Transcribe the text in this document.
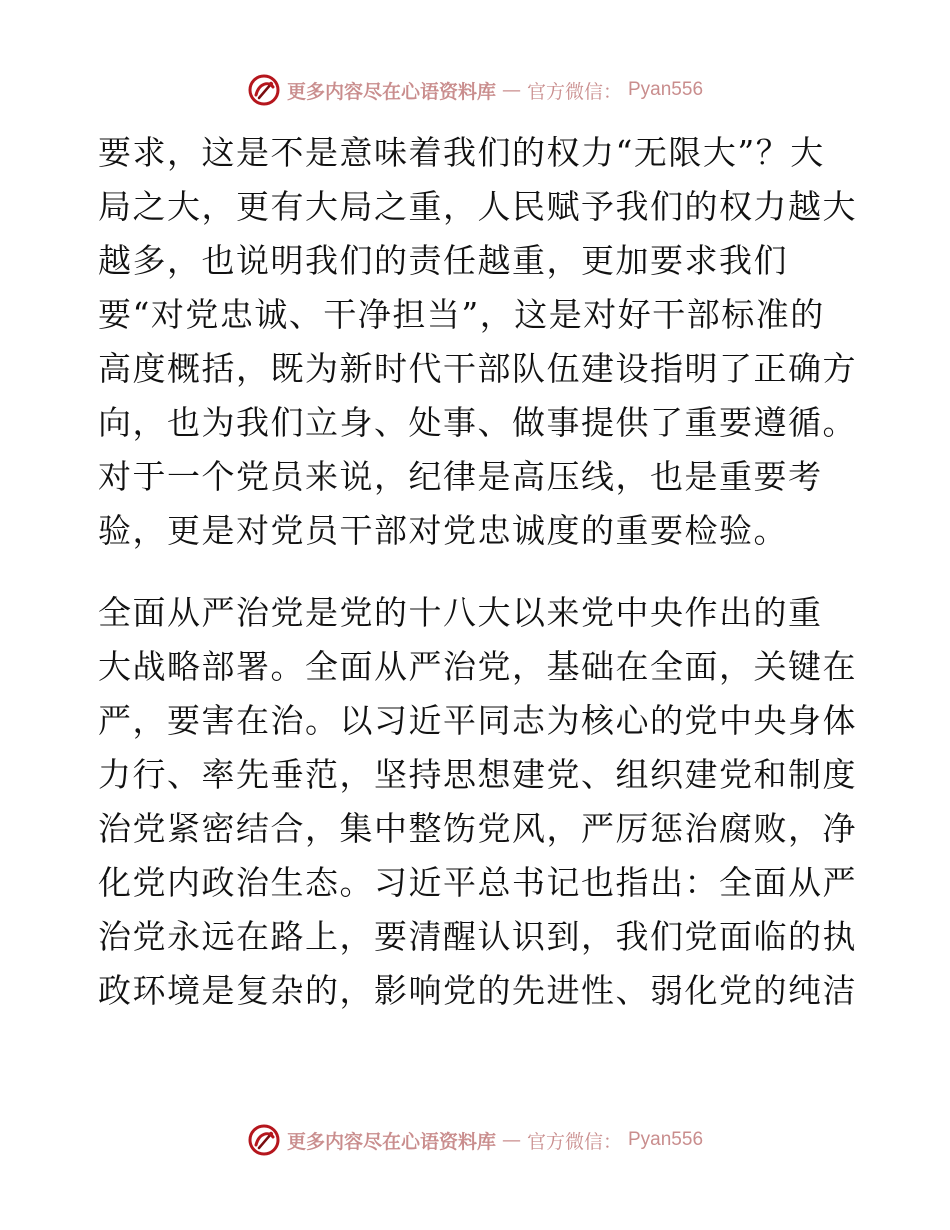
更多内容尽在心语资料库 — 官方微信： Pyan556
要求，这是不是意味着我们的权力“无限大”？大
局之大，更有大局之重，人民赋予我们的权力越大
越多，也说明我们的责任越重，更加要求我们
要“对党忠诚、干净担当”，这是对好干部标准的
高度概括，既为新时代干部队伍建设指明了正确方
向，也为我们立身、处事、做事提供了重要遵循。
对于一个党员来说，纪律是高压线，也是重要考
验，更是对党员干部对党忠诚度的重要检验。
全面从严治党是党的十八大以来党中央作出的重
大战略部署。全面从严治党，基础在全面，关键在
严，要害在治。以习近平同志为核心的党中央身体
力行、率先垂范，坚持思想建党、组织建党和制度
治党紧密结合，集中整饬党风，严厉惩治腐败，净
化党内政治生态。习近平总书记也指出：全面从严
治党永远在路上，要清醒认识到，我们党面临的执
政环境是复杂的，影响党的先进性、弱化党的纯洁
更多内容尽在心语资料库 — 官方微信： Pyan556
